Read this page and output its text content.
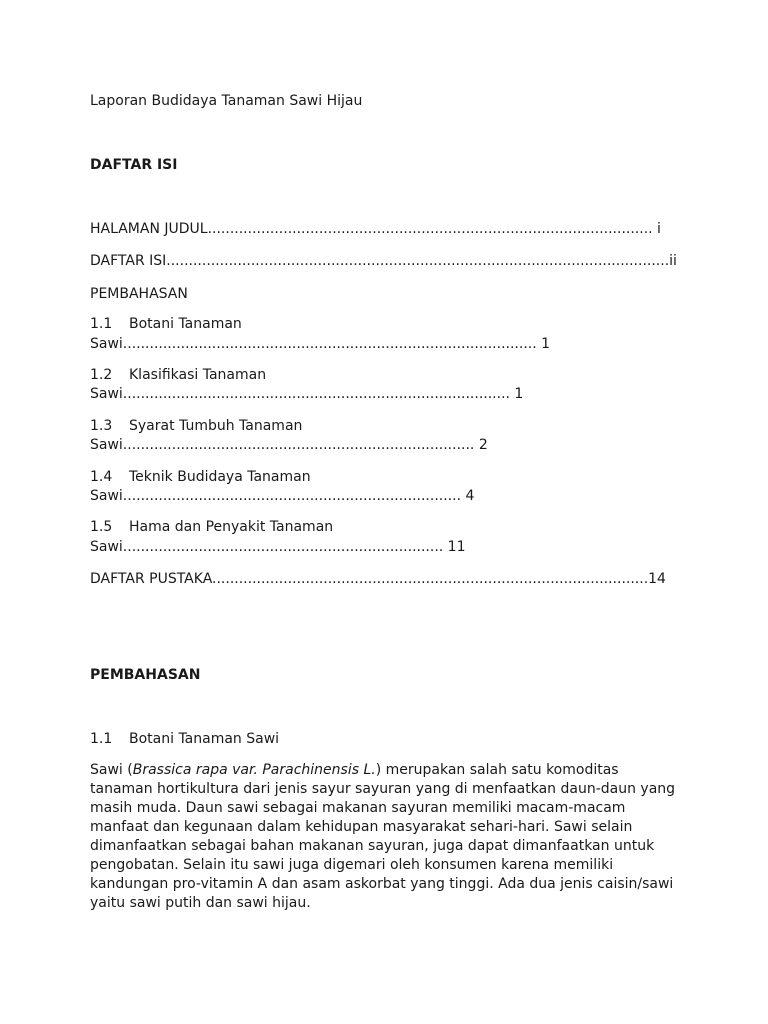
Laporan Budidaya Tanaman Sawi Hijau
DAFTAR ISI
HALAMAN JUDUL.................................................................................................... i
DAFTAR ISI.................................................................................................................ii
PEMBAHASAN
1.1 Botani Tanaman
Sawi............................................................................................. 1
1.2 Klasifikasi Tanaman
Sawi....................................................................................... 1
1.3 Syarat Tumbuh Tanaman
Sawi............................................................................... 2
1.4 Teknik Budidaya Tanaman
Sawi............................................................................ 4
1.5 Hama dan Penyakit Tanaman
Sawi........................................................................ 11
DAFTAR PUSTAKA..................................................................................................14
PEMBAHASAN
1.1 Botani Tanaman Sawi

Sawi (Brassica rapa var. Parachinensis L.) merupakan salah satu komoditas tanaman hortikultura dari jenis sayur sayuran yang di menfaatkan daun-daun yang masih muda. Daun sawi sebagai makanan sayuran memiliki macam-macam manfaat dan kegunaan dalam kehidupan masyarakat sehari-hari. Sawi selain dimanfaatkan sebagai bahan makanan sayuran, juga dapat dimanfaatkan untuk pengobatan. Selain itu sawi juga digemari oleh konsumen karena memiliki kandungan pro-vitamin A dan asam askorbat yang tinggi. Ada dua jenis caisin/sawi yaitu sawi putih dan sawi hijau.
